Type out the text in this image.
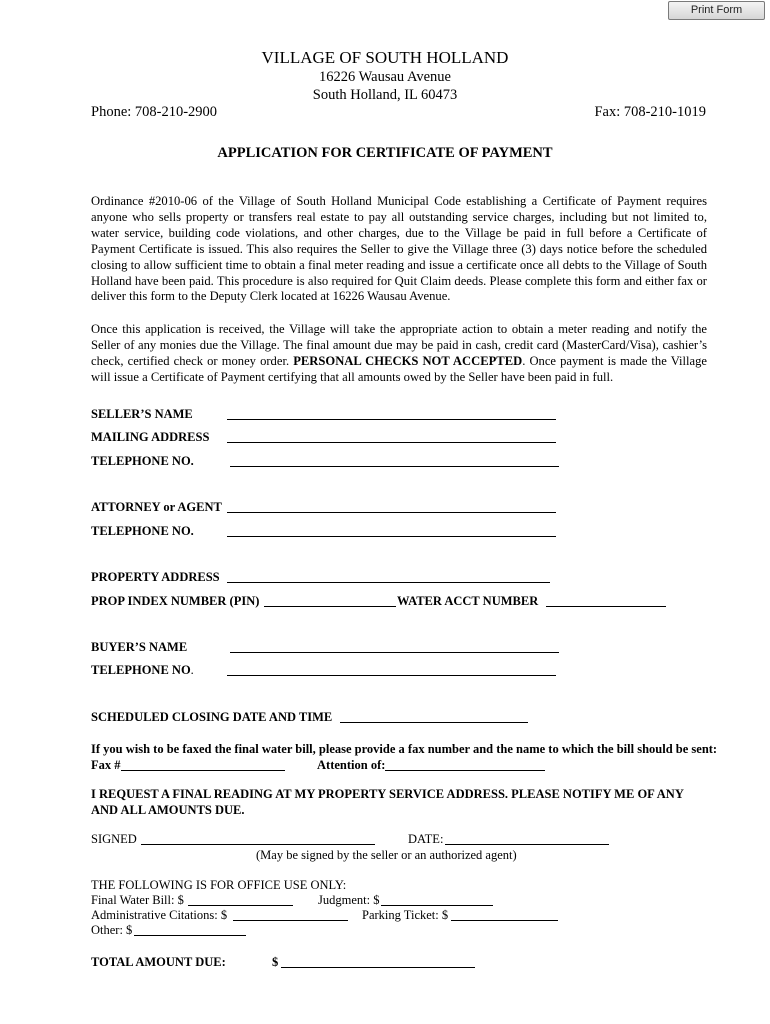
Print Form
VILLAGE OF SOUTH HOLLAND
16226 Wausau Avenue
South Holland, IL 60473
Phone: 708-210-2900	Fax: 708-210-1019
APPLICATION FOR CERTIFICATE OF PAYMENT

Ordinance #2010-06 of the Village of South Holland Municipal Code establishing a Certificate of Payment requires anyone who sells property or transfers real estate to pay all outstanding service charges, including but not limited to, water service, building code violations, and other charges, due to the Village be paid in full before a Certificate of Payment Certificate is issued. This also requires the Seller to give the Village three (3) days notice before the scheduled closing to allow sufficient time to obtain a final meter reading and issue a certificate once all debts to the Village of South Holland have been paid. This procedure is also required for Quit Claim deeds. Please complete this form and either fax or deliver this form to the Deputy Clerk located at 16226 Wausau Avenue.

Once this application is received, the Village will take the appropriate action to obtain a meter reading and notify the Seller of any monies due the Village. The final amount due may be paid in cash, credit card (MasterCard/Visa), cashier’s check, certified check or money order. PERSONAL CHECKS NOT ACCEPTED. Once payment is made the Village will issue a Certificate of Payment certifying that all amounts owed by the Seller have been paid in full.

SELLER’S NAME
MAILING ADDRESS
TELEPHONE NO.
ATTORNEY or AGENT
TELEPHONE NO.
PROPERTY ADDRESS
PROP INDEX NUMBER (PIN)	WATER ACCT NUMBER
BUYER’S NAME
TELEPHONE NO.
SCHEDULED CLOSING DATE AND TIME
If you wish to be faxed the final water bill, please provide a fax number and the name to which the bill should be sent:
Fax #	Attention of:
I REQUEST A FINAL READING AT MY PROPERTY SERVICE ADDRESS. PLEASE NOTIFY ME OF ANY AND ALL AMOUNTS DUE.
SIGNED	DATE:
(May be signed by the seller or an authorized agent)
THE FOLLOWING IS FOR OFFICE USE ONLY:
Final Water Bill: $	Judgment: $
Administrative Citations: $	Parking Ticket: $
Other: $
TOTAL AMOUNT DUE:	$
